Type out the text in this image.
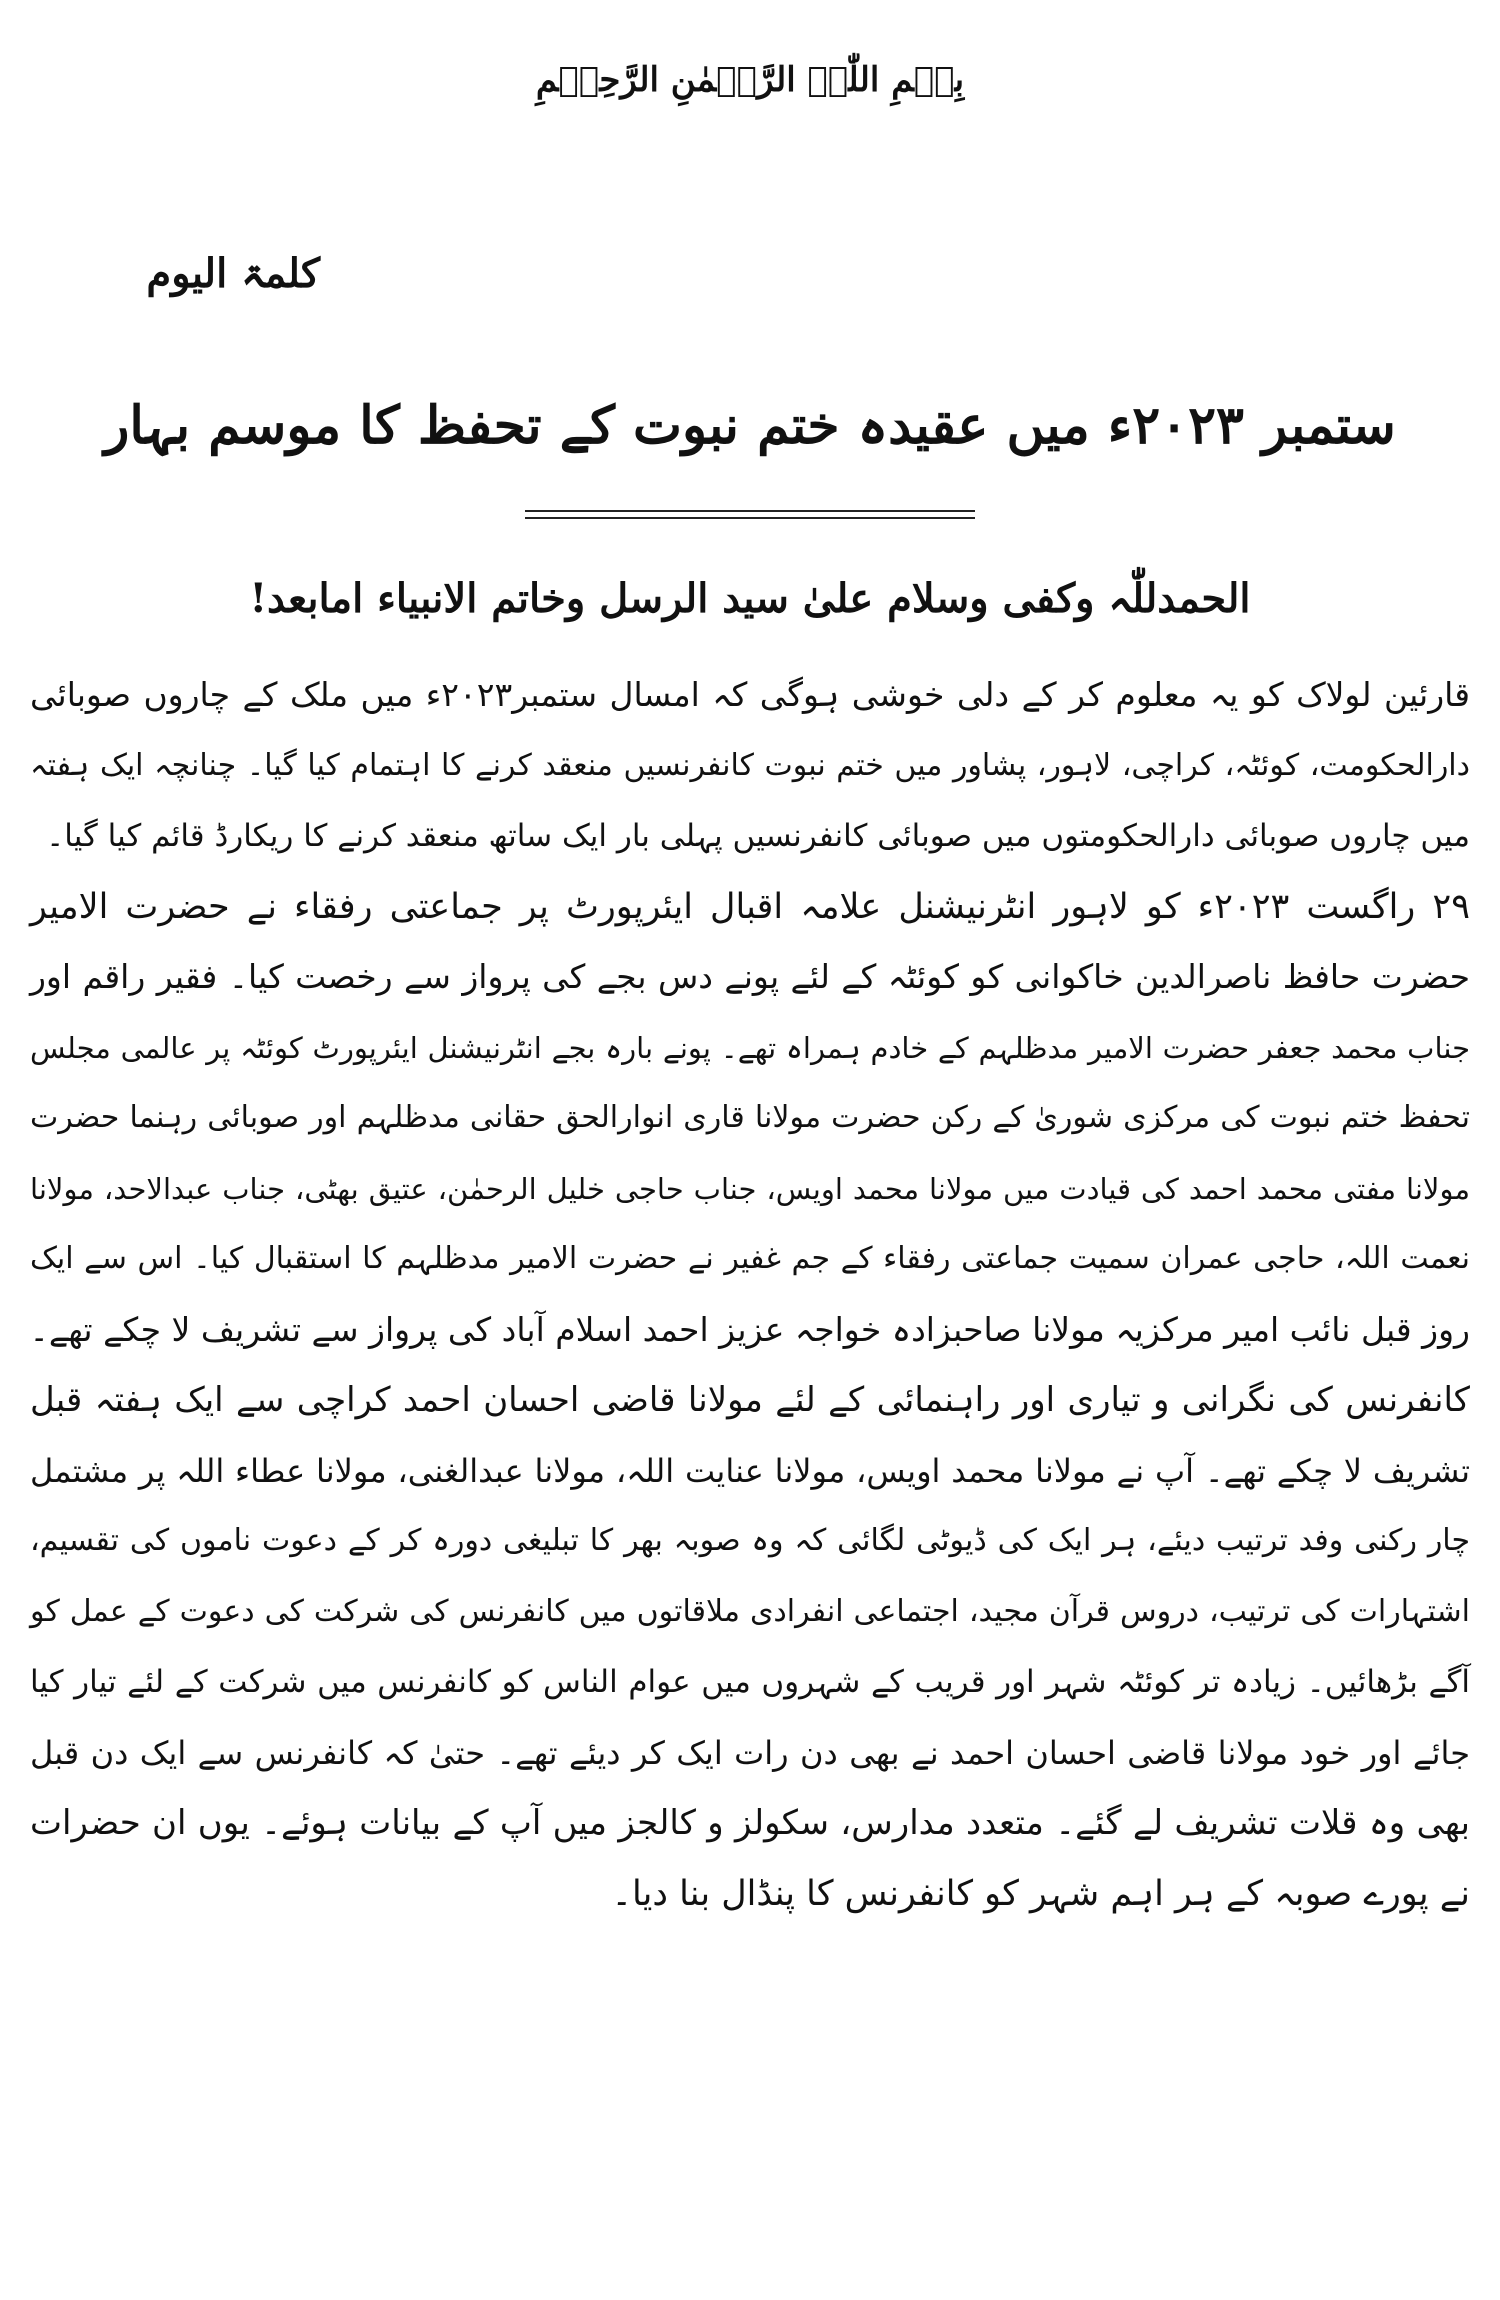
بِسۡمِ اللّٰہِ الرَّحۡمٰنِ الرَّحِیۡمِ
کلمۃ الیوم
ستمبر ۲۰۲۳ء میں عقیدہ ختم نبوت کے تحفظ کا موسم بہار
الحمدللّٰہ وکفی وسلام علیٰ سید الرسل وخاتم الانبیاء امابعد!
قارئین لولاک کو یہ معلوم کر کے دلی خوشی ہوگی کہ امسال ستمبر۲۰۲۳ء میں ملک کے چاروں صوبائی
دارالحکومت، کوئٹہ، کراچی، لاہور، پشاور میں ختم نبوت کانفرنسیں منعقد کرنے کا اہتمام کیا گیا۔ چنانچہ ایک ہفتہ
میں چاروں صوبائی دارالحکومتوں میں صوبائی کانفرنسیں پہلی بار ایک ساتھ منعقد کرنے کا ریکارڈ قائم کیا گیا۔
۲۹ راگست ۲۰۲۳ء کو لاہور انٹرنیشنل علامہ اقبال ایئرپورٹ پر جماعتی رفقاء نے حضرت الامیر
حضرت حافظ ناصرالدین خاکوانی کو کوئٹہ کے لئے پونے دس بجے کی پرواز سے رخصت کیا۔ فقیر راقم اور
جناب محمد جعفر حضرت الامیر مدظلہم کے خادم ہمراہ تھے۔ پونے بارہ بجے انٹرنیشنل ایئرپورٹ کوئٹہ پر عالمی مجلس
تحفظ ختم نبوت کی مرکزی شوریٰ کے رکن حضرت مولانا قاری انوارالحق حقانی مدظلہم اور صوبائی رہنما حضرت
مولانا مفتی محمد احمد کی قیادت میں مولانا محمد اویس، جناب حاجی خلیل الرحمٰن، عتیق بھٹی، جناب عبدالاحد، مولانا
نعمت اللہ، حاجی عمران سمیت جماعتی رفقاء کے جم غفیر نے حضرت الامیر مدظلہم کا استقبال کیا۔ اس سے ایک
روز قبل نائب امیر مرکزیہ مولانا صاحبزادہ خواجہ عزیز احمد اسلام آباد کی پرواز سے تشریف لا چکے تھے۔
کانفرنس کی نگرانی و تیاری اور راہنمائی کے لئے مولانا قاضی احسان احمد کراچی سے ایک ہفتہ قبل
تشریف لا چکے تھے۔ آپ نے مولانا محمد اویس، مولانا عنایت اللہ، مولانا عبدالغنی، مولانا عطاء اللہ پر مشتمل
چار رکنی وفد ترتیب دیئے، ہر ایک کی ڈیوٹی لگائی کہ وہ صوبہ بھر کا تبلیغی دورہ کر کے دعوت ناموں کی تقسیم،
اشتہارات کی ترتیب، دروس قرآن مجید، اجتماعی انفرادی ملاقاتوں میں کانفرنس کی شرکت کی دعوت کے عمل کو
آگے بڑھائیں۔ زیادہ تر کوئٹہ شہر اور قریب کے شہروں میں عوام الناس کو کانفرنس میں شرکت کے لئے تیار کیا
جائے اور خود مولانا قاضی احسان احمد نے بھی دن رات ایک کر دیئے تھے۔ حتیٰ کہ کانفرنس سے ایک دن قبل
بھی وہ قلات تشریف لے گئے۔ متعدد مدارس، سکولز و کالجز میں آپ کے بیانات ہوئے۔ یوں ان حضرات
نے پورے صوبہ کے ہر اہم شہر کو کانفرنس کا پنڈال بنا دیا۔
